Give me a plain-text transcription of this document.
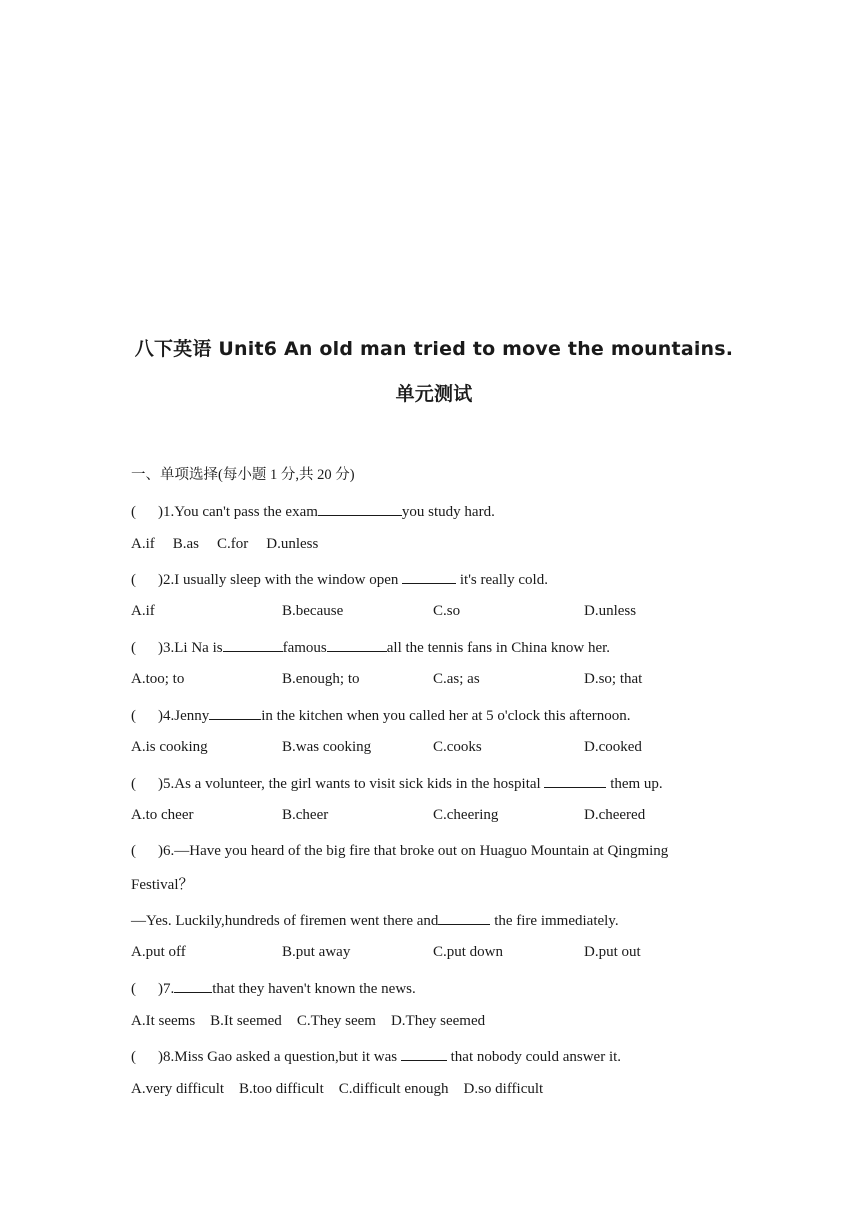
八下英语 Unit6 An old man tried to move the mountains.
单元测试
一、单项选择(每小题 1 分,共 20 分)
( )1.You can't pass the exam	you study hard.
A.if B.as C.for D.unless
( )2.I usually sleep with the window open	it's really cold.
A.if	B.because	C.so	D.unless
( )3.Li Na is	famous	all the tennis fans in China know her.
A.too; to	B.enough; to	C.as; as	D.so; that
( )4.Jenny	in the kitchen when you called her at 5 o'clock this afternoon.
A.is cooking	B.was cooking	C.cooks	D.cooked
( )5.As a volunteer, the girl wants to visit sick kids in the hospital	them up.
A.to cheer	B.cheer	C.cheering	D.cheered
( )6.—Have you heard of the big fire that broke out on Huaguo Mountain at Qingming
Festival？
—Yes. Luckily,hundreds of firemen went there and	the fire immediately.
A.put off	B.put away	C.put down	D.put out
( )7.	that they haven't known the news.
A.It seems B.It seemed C.They seem D.They seemed
( )8.Miss Gao asked a question,but it was	that nobody could answer it.
A.very difficult B.too difficult C.difficult enough D.so difficult
